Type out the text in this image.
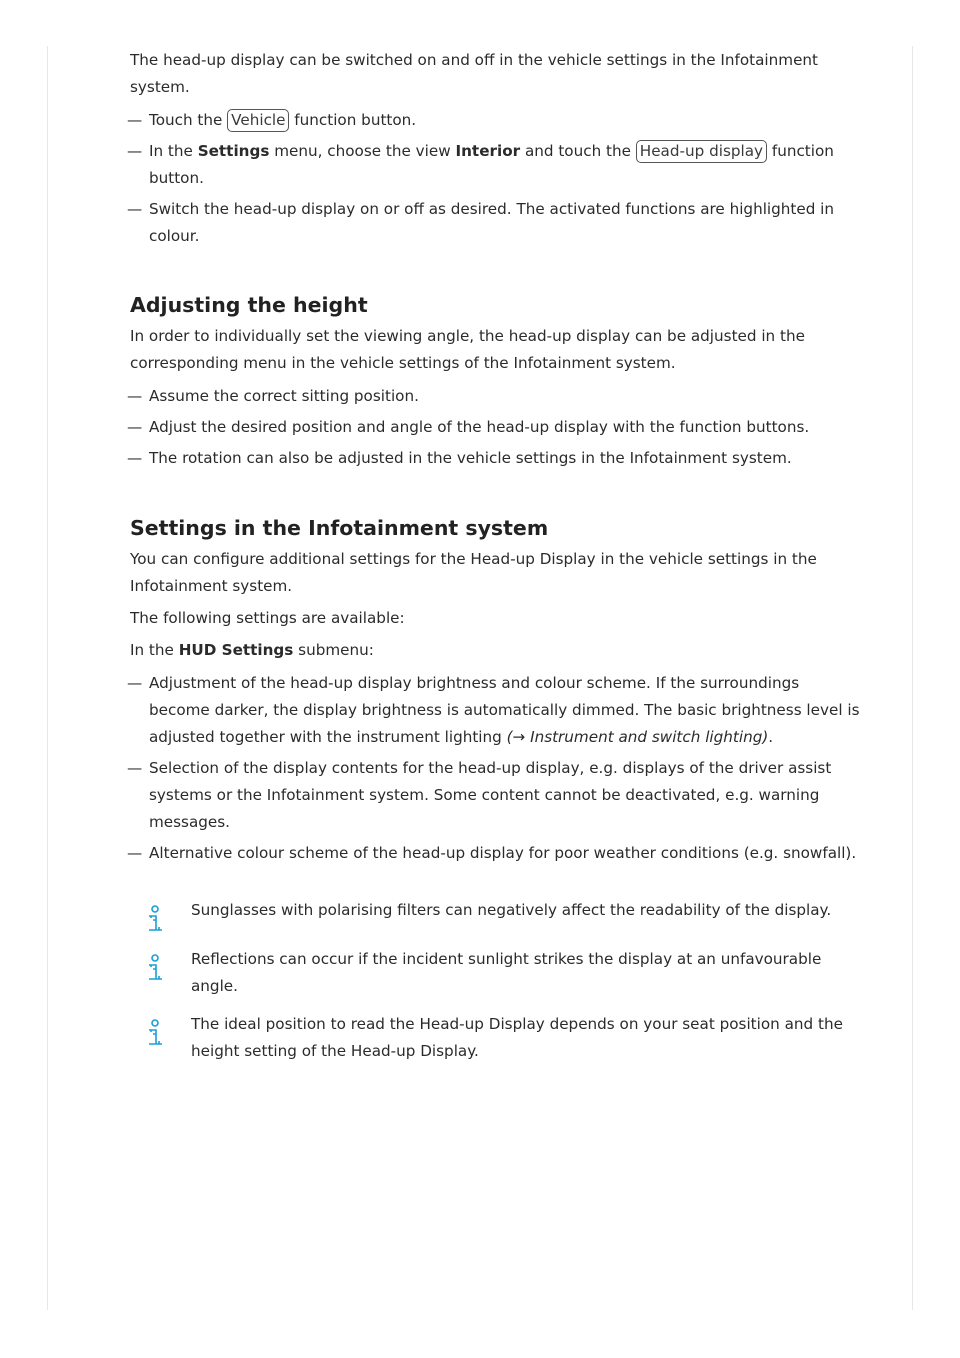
The head-up display can be switched on and off in the vehicle settings in the Infotainment system.

— Touch the Vehicle function button.
— In the Settings menu, choose the view Interior and touch the Head-up display function button.
— Switch the head-up display on or off as desired. The activated functions are highlighted in colour.
Adjusting the height

In order to individually set the viewing angle, the head-up display can be adjusted in the corresponding menu in the vehicle settings of the Infotainment system.

— Assume the correct sitting position.
— Adjust the desired position and angle of the head-up display with the function buttons.
— The rotation can also be adjusted in the vehicle settings in the Infotainment system.
Settings in the Infotainment system

You can configure additional settings for the Head-up Display in the vehicle settings in the Infotainment system.

The following settings are available:

In the HUD Settings submenu:

— Adjustment of the head-up display brightness and colour scheme. If the surroundings become darker, the display brightness is automatically dimmed. The basic brightness level is adjusted together with the instrument lighting (→ Instrument and switch lighting).
— Selection of the display contents for the head-up display, e.g. displays of the driver assist systems or the Infotainment system. Some content cannot be deactivated, e.g. warning messages.
— Alternative colour scheme of the head-up display for poor weather conditions (e.g. snowfall).

Sunglasses with polarising filters can negatively affect the readability of the display.

Reflections can occur if the incident sunlight strikes the display at an unfavourable angle.

The ideal position to read the Head-up Display depends on your seat position and the height setting of the Head-up Display.
